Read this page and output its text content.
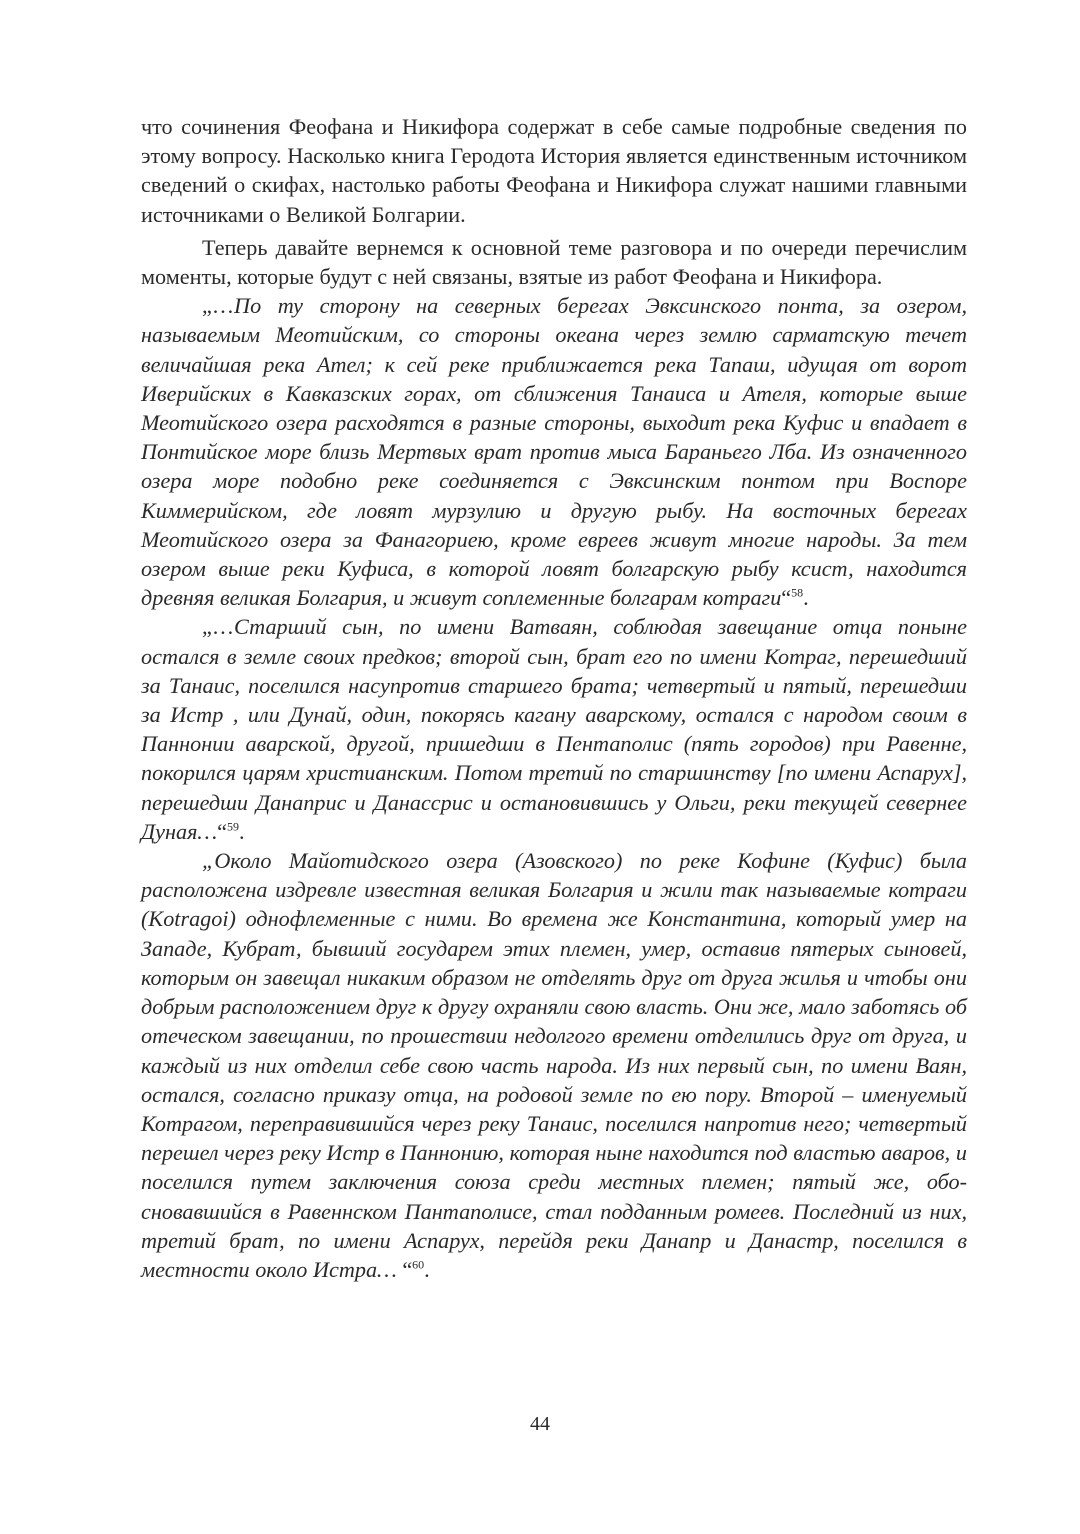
что сочинения Феофана и Никифора содержат в себе самые подробные сведения по этому вопросу. Насколько книга Геродота История является единственным источником сведений о скифах, настолько работы Феофана и Никифора служат нашими главными источниками о Великой Болгарии.

Теперь давайте вернемся к основной теме разговора и по очереди перечислим моменты, которые будут с ней связаны, взятые из работ Феофана и Никифора.

„…По ту сторону на северных берегах Эвксинского понта, за озером, называемым Меотийским, со стороны океана через землю сарматскую течет величайшая река Ател; к сей реке приближается река Тапаш, идущая от ворот Иверийских в Кавказских горах, от сближения Танаиса и Ателя, которые выше Меотийского озера расходятся в разные стороны, выходит река Куфис и впадает в Понтийское море близь Мертвых врат против мыса Бараньего Лба. Из означенного озера море подобно реке соединяется с Эвксинским понтом при Воспоре Киммерийском, где ловят мурзулию и другую рыбу. На восточных берегах Меотийского озера за Фанагориею, кроме евреев живут многие народы. За тем озером выше реки Куфиса, в которой ловят болгарскую рыбу ксист, находится древняя великая Болгария, и живут соплеменные болгарам котраги“$^{58}$.

„…Старший сын, по имени Ватваян, соблюдая завещание отца поныне остался в земле своих предков; второй сын, брат его по имени Котраг, перешедший за Танаис, поселился насупротив старшего брата; четвертый и пятый, перешедши за Истр , или Дунай, один, покорясь кагану аварскому, остался с народом своим в Паннонии аварской, другой, пришедши в Пентаполис (пять городов) при Равенне, покорился царям христианским. Потом третий по старшинству [по имени Аспарух], перешедши Данаприс и Данассрис и остановившись у Ольги, реки текущей севернее Дуная…“$^{59}$.

„Около Майотидского озера (Азовского) по реке Кофине (Куфис) была расположена издревле известная великая Болгария и жили так называемые котраги (Kotragoi) однофлеменные с ними. Во времена же Константина, который умер на Западе, Кубрат, бывший государем этих племен, умер, оставив пятерых сыновей, которым он завещал никаким образом не отделять друг от друга жилья и чтобы они добрым расположением друг к другу охраняли свою власть. Они же, мало заботясь об отеческом завещании, по прошествии недолгого времени отделились друг от друга, и каждый из них отделил себе свою часть народа. Из них первый сын, по имени Ваян, остался, согласно приказу отца, на родовой земле по ею пору. Второй – именуемый Котрагом, переправившийся через реку Танаис, поселился напротив него; четвертый перешел через реку Истр в Паннонию, которая ныне находится под властью аваров, и поселился путем заключения союза среди местных племен; пятый же, обосновавшийся в Равеннском Пантаполисе, стал подданным ромеев. Последний из них, третий брат, по имени Аспарух, перейдя реки Данапр и Данастр, поселился в местности около Истра… “$^{60}$.

44
